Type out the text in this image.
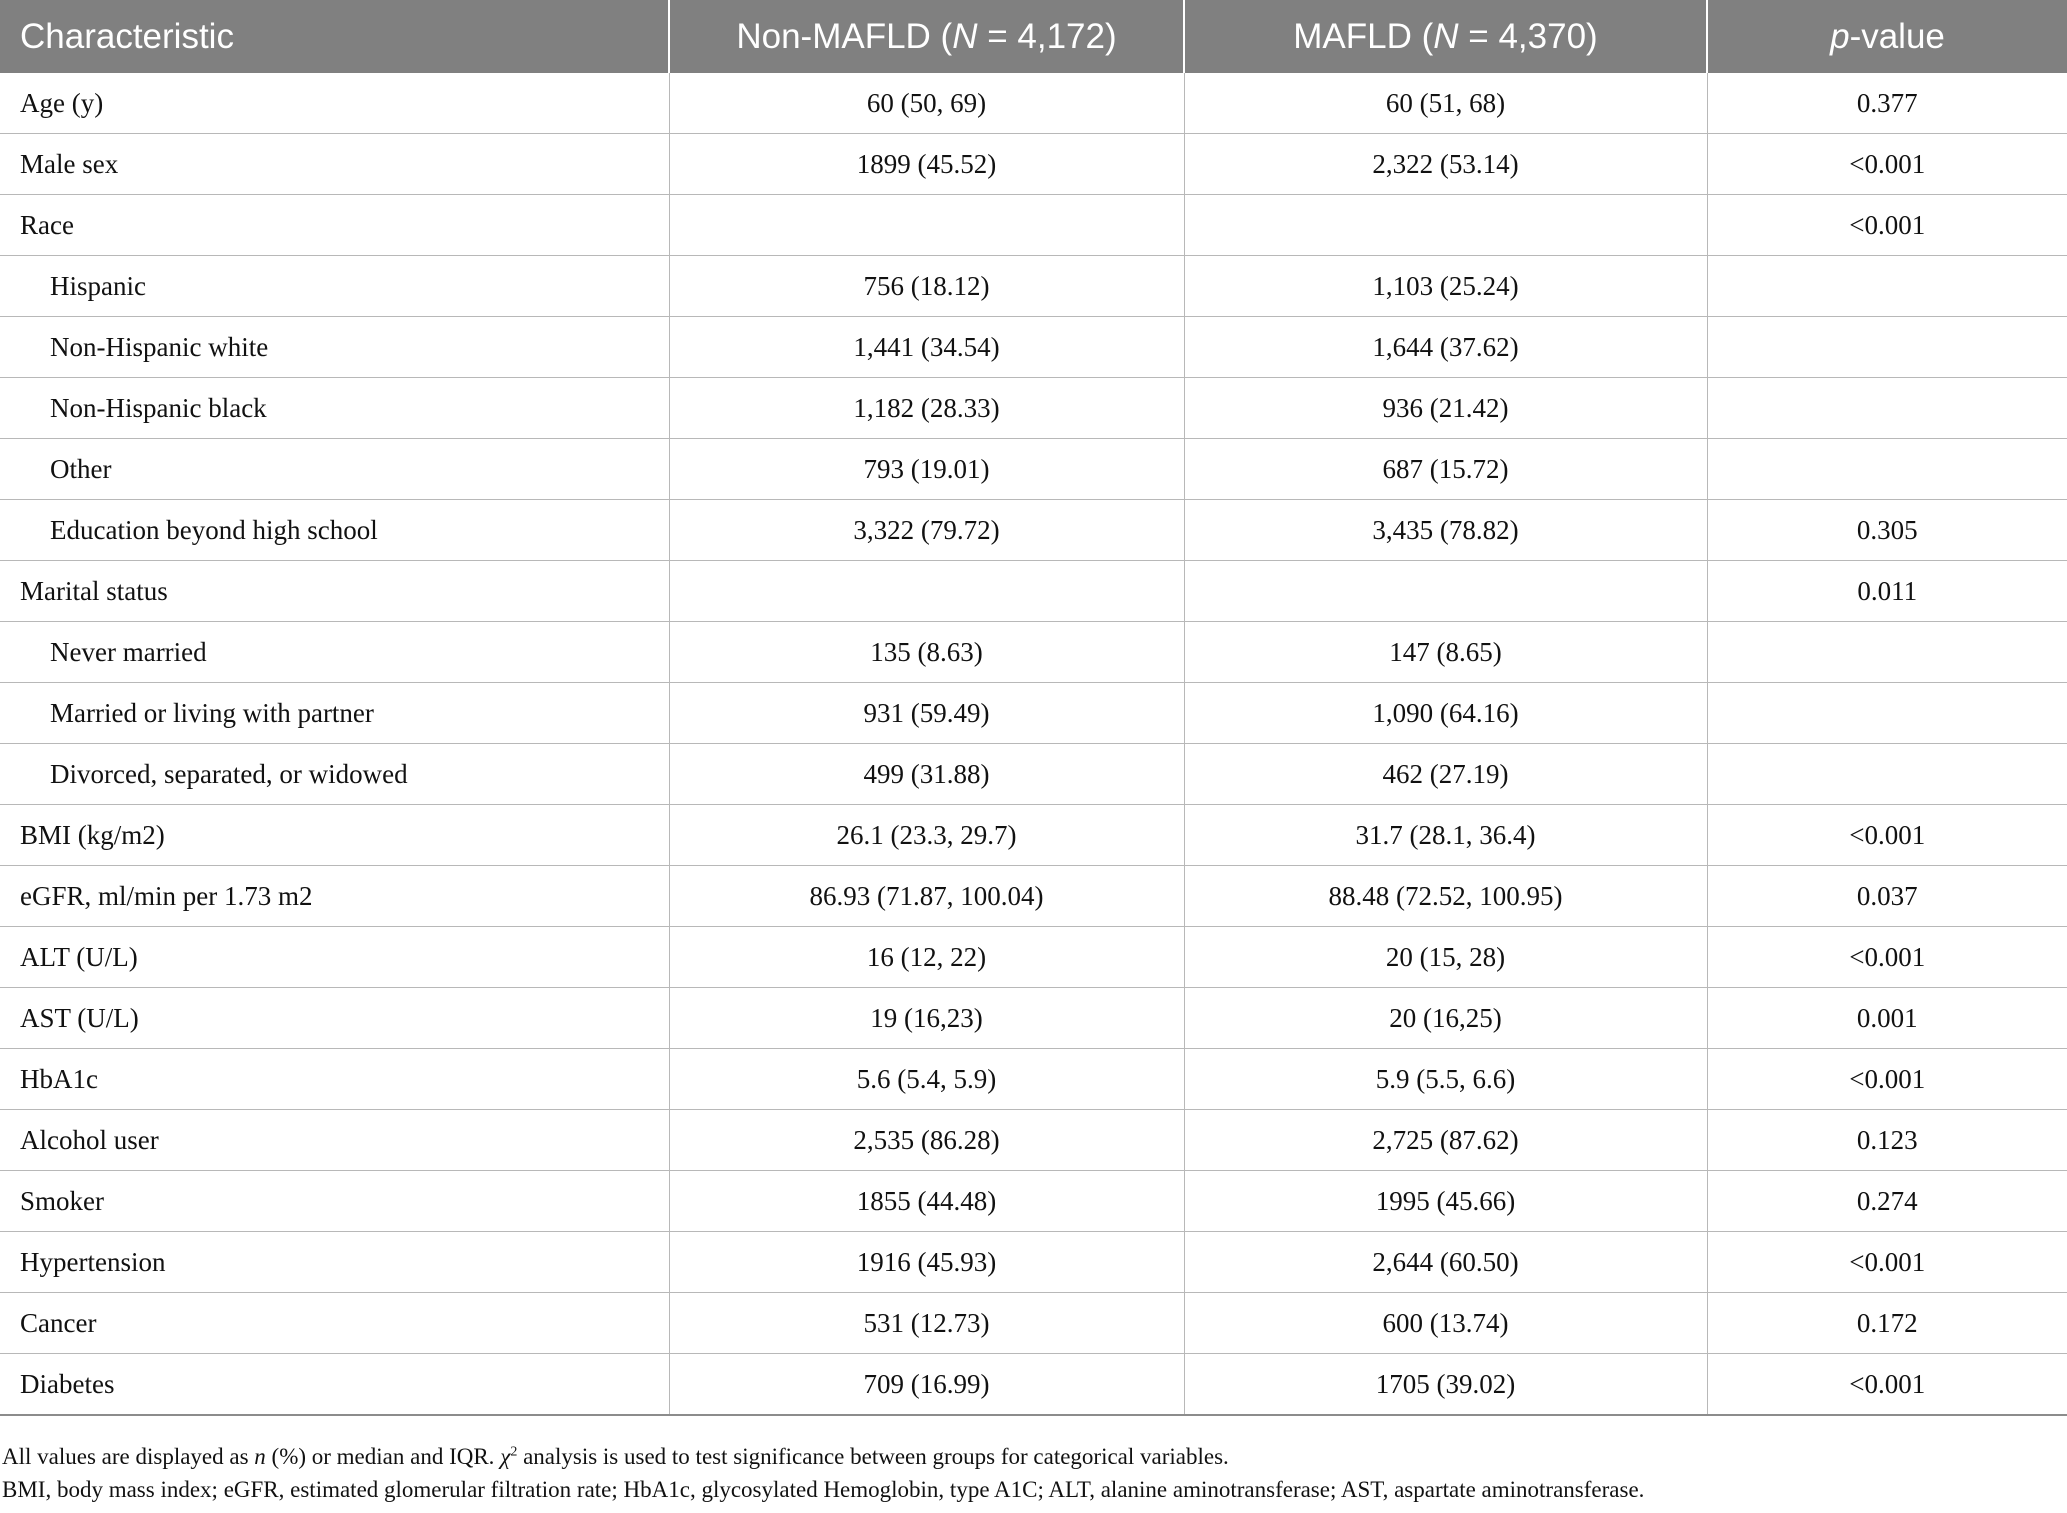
Characteristic	Non-MAFLD (N = 4,172)	MAFLD (N = 4,370)	p-value
Age (y)	60 (50, 69)	60 (51, 68)	0.377
Male sex	1899 (45.52)	2,322 (53.14)	<0.001
Race			<0.001
Hispanic	756 (18.12)	1,103 (25.24)	
Non-Hispanic white	1,441 (34.54)	1,644 (37.62)	
Non-Hispanic black	1,182 (28.33)	936 (21.42)	
Other	793 (19.01)	687 (15.72)	
Education beyond high school	3,322 (79.72)	3,435 (78.82)	0.305
Marital status			0.011
Never married	135 (8.63)	147 (8.65)	
Married or living with partner	931 (59.49)	1,090 (64.16)	
Divorced, separated, or widowed	499 (31.88)	462 (27.19)	
BMI (kg/m2)	26.1 (23.3, 29.7)	31.7 (28.1, 36.4)	<0.001
eGFR, ml/min per 1.73 m2	86.93 (71.87, 100.04)	88.48 (72.52, 100.95)	0.037
ALT (U/L)	16 (12, 22)	20 (15, 28)	<0.001
AST (U/L)	19 (16,23)	20 (16,25)	0.001
HbA1c	5.6 (5.4, 5.9)	5.9 (5.5, 6.6)	<0.001
Alcohol user	2,535 (86.28)	2,725 (87.62)	0.123
Smoker	1855 (44.48)	1995 (45.66)	0.274
Hypertension	1916 (45.93)	2,644 (60.50)	<0.001
Cancer	531 (12.73)	600 (13.74)	0.172
Diabetes	709 (16.99)	1705 (39.02)	<0.001

All values are displayed as n (%) or median and IQR. $\chi^2$ analysis is used to test significance between groups for categorical variables.

BMI, body mass index; eGFR, estimated glomerular filtration rate; HbA1c, glycosylated Hemoglobin, type A1C; ALT, alanine aminotransferase; AST, aspartate aminotransferase.
